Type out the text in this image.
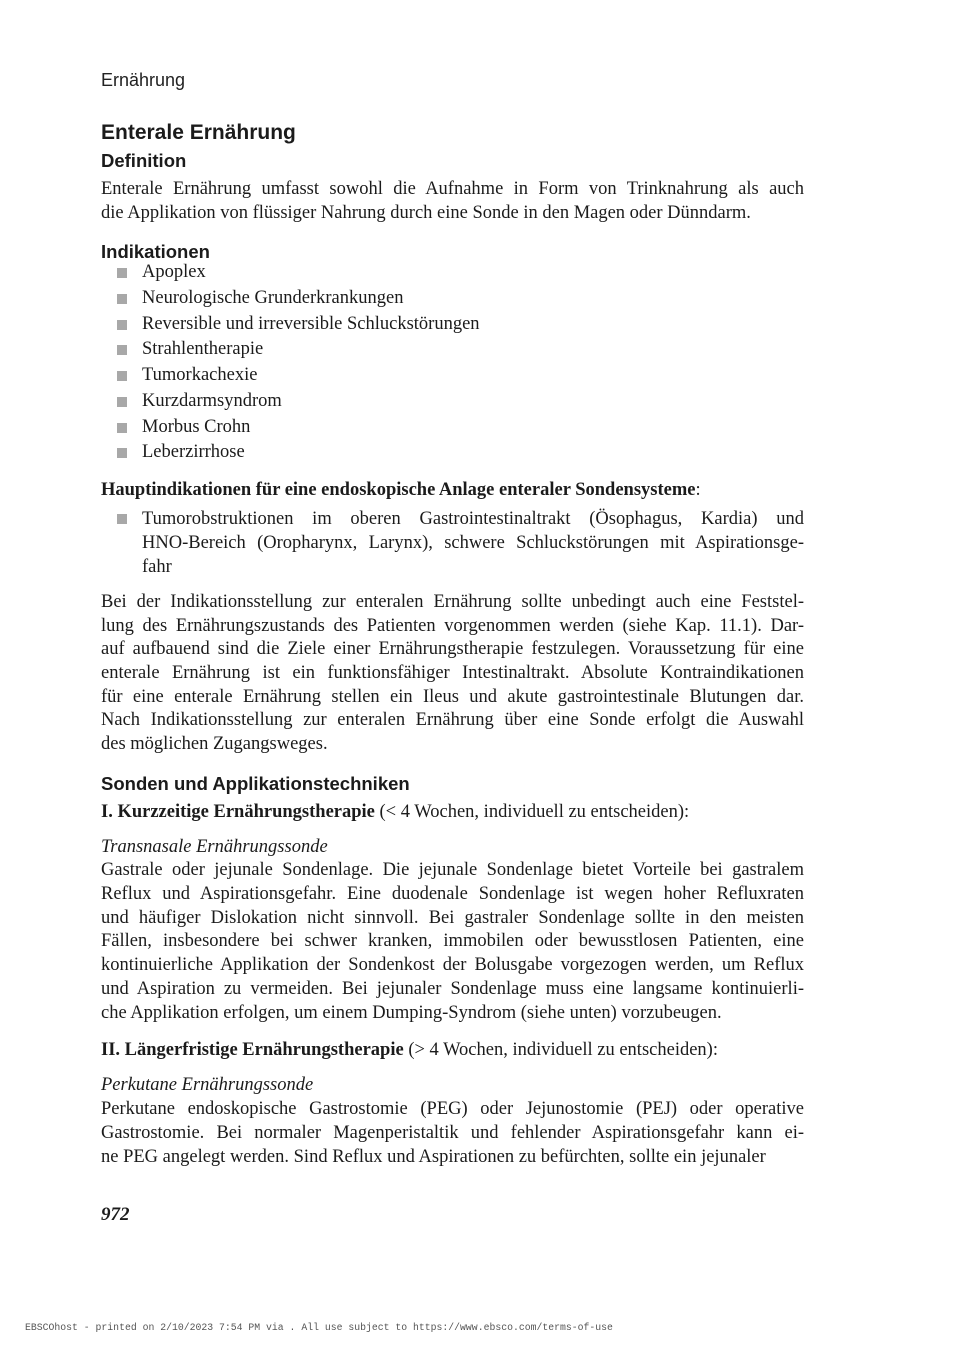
Ernährung
Enterale Ernährung
Definition
Enterale Ernährung umfasst sowohl die Aufnahme in Form von Trinknahrung als auch
die Applikation von flüssiger Nahrung durch eine Sonde in den Magen oder Dünndarm.
Indikationen
Apoplex
Neurologische Grunderkrankungen
Reversible und irreversible Schluckstörungen
Strahlentherapie
Tumorkachexie
Kurzdarmsyndrom
Morbus Crohn
Leberzirrhose
Hauptindikationen für eine endoskopische Anlage enteraler Sondensysteme:
Tumorobstruktionen im oberen Gastrointestinaltrakt (Ösophagus, Kardia) und
HNO-Bereich (Oropharynx, Larynx), schwere Schluckstörungen mit Aspirationsge-
fahr
Bei der Indikationsstellung zur enteralen Ernährung sollte unbedingt auch eine Feststel-
lung des Ernährungszustands des Patienten vorgenommen werden (siehe Kap. 11.1). Dar-
auf aufbauend sind die Ziele einer Ernährungstherapie festzulegen. Voraussetzung für eine
enterale Ernährung ist ein funktionsfähiger Intestinaltrakt. Absolute Kontraindikationen
für eine enterale Ernährung stellen ein Ileus und akute gastrointestinale Blutungen dar.
Nach Indikationsstellung zur enteralen Ernährung über eine Sonde erfolgt die Auswahl
des möglichen Zugangsweges.
Sonden und Applikationstechniken
I. Kurzzeitige Ernährungstherapie (< 4 Wochen, individuell zu entscheiden):
Transnasale Ernährungssonde
Gastrale oder jejunale Sondenlage. Die jejunale Sondenlage bietet Vorteile bei gastralem
Reflux und Aspirationsgefahr. Eine duodenale Sondenlage ist wegen hoher Refluxraten
und häufiger Dislokation nicht sinnvoll. Bei gastraler Sondenlage sollte in den meisten
Fällen, insbesondere bei schwer kranken, immobilen oder bewusstlosen Patienten, eine
kontinuierliche Applikation der Sondenkost der Bolusgabe vorgezogen werden, um Reflux
und Aspiration zu vermeiden. Bei jejunaler Sondenlage muss eine langsame kontinuierli-
che Applikation erfolgen, um einem Dumping-Syndrom (siehe unten) vorzubeugen.
II. Längerfristige Ernährungstherapie (> 4 Wochen, individuell zu entscheiden):
Perkutane Ernährungssonde
Perkutane endoskopische Gastrostomie (PEG) oder Jejunostomie (PEJ) oder operative
Gastrostomie. Bei normaler Magenperistaltik und fehlender Aspirationsgefahr kann ei-
ne PEG angelegt werden. Sind Reflux und Aspirationen zu befürchten, sollte ein jejunaler
972
EBSCOhost - printed on 2/10/2023 7:54 PM via . All use subject to https://www.ebsco.com/terms-of-use
